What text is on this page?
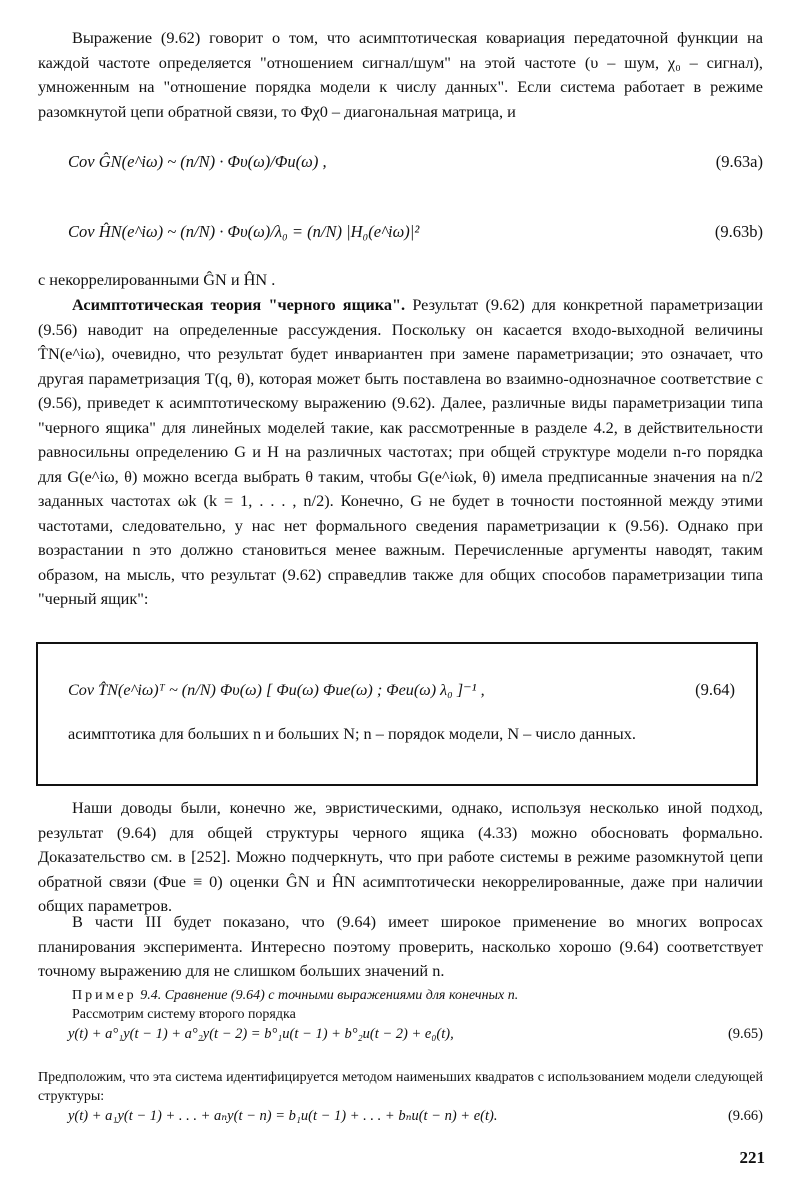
Выражение (9.62) говорит о том, что асимптотическая ковариация передаточной функции на каждой частоте определяется "отношением сигнал/шум" на этой частоте (υ – шум, χ₀ – сигнал), умноженным на "отношение порядка модели к числу данных". Если система работает в режиме разомкнутой цепи обратной связи, то Φχ0 – диагональная матрица, и

Cov ĜN(e^iω) ~ (n/N) · Φυ(ω)/Φu(ω) ,	(9.63a)
Cov ĤN(e^iω) ~ (n/N) · Φυ(ω)/λ₀ = (n/N) |H₀(e^iω)|²	(9.63b)

с некоррелированными ĜN и ĤN .

Асимптотическая теория "черного ящика". Результат (9.62) для конкретной параметризации (9.56) наводит на определенные рассуждения. Поскольку он касается входо-выходной величины T̂N(e^iω), очевидно, что результат будет инвариантен при замене параметризации; это означает, что другая параметризация T(q, θ), которая может быть поставлена во взаимно-однозначное соответствие с (9.56), приведет к асимптотическому выражению (9.62). Далее, различные виды параметризации типа "черного ящика" для линейных моделей такие, как рассмотренные в разделе 4.2, в действительности равносильны определению G и H на различных частотах; при общей структуре модели n-го порядка для G(e^iω, θ) можно всегда выбрать θ таким, чтобы G(e^iωk, θ) имела предписанные значения на n/2 заданных частотах ωk (k = 1, . . . , n/2). Конечно, G не будет в точности постоянной между этими частотами, следовательно, у нас нет формального сведения параметризации к (9.56). Однако при возрастании n это должно становиться менее важным. Перечисленные аргументы наводят, таким образом, на мысль, что результат (9.62) справедлив также для общих способов параметризации типа "черный ящик":

Cov T̂N(e^iω)ᵀ ~ (n/N) Φυ(ω) [ Φu(ω) Φue(ω) ; Φeu(ω) λ₀ ]⁻¹ ,	(9.64)

асимптотика для больших n и больших N; n – порядок модели, N – число данных.

Наши доводы были, конечно же, эвристическими, однако, используя несколько иной подход, результат (9.64) для общей структуры черного ящика (4.33) можно обосновать формально. Доказательство см. в [252]. Можно подчеркнуть, что при работе системы в режиме разомкнутой цепи обратной связи (Φue ≡ 0) оценки ĜN и ĤN асимптотически некоррелированные, даже при наличии общих параметров.

В части III будет показано, что (9.64) имеет широкое применение во многих вопросах планирования эксперимента. Интересно поэтому проверить, насколько хорошо (9.64) соответствует точному выражению для не слишком больших значений n.

Пример 9.4. Сравнение (9.64) с точными выражениями для конечных n.

Рассмотрим систему второго порядка

y(t) + a°₁y(t − 1) + a°₂y(t − 2) = b°₁u(t − 1) + b°₂u(t − 2) + e₀(t),	(9.65)

Предположим, что эта система идентифицируется методом наименьших квадратов с использованием модели следующей структуры:

y(t) + a₁y(t − 1) + . . . + aₙy(t − n) = b₁u(t − 1) + . . . + bₙu(t − n) + e(t).	(9.66)
221
